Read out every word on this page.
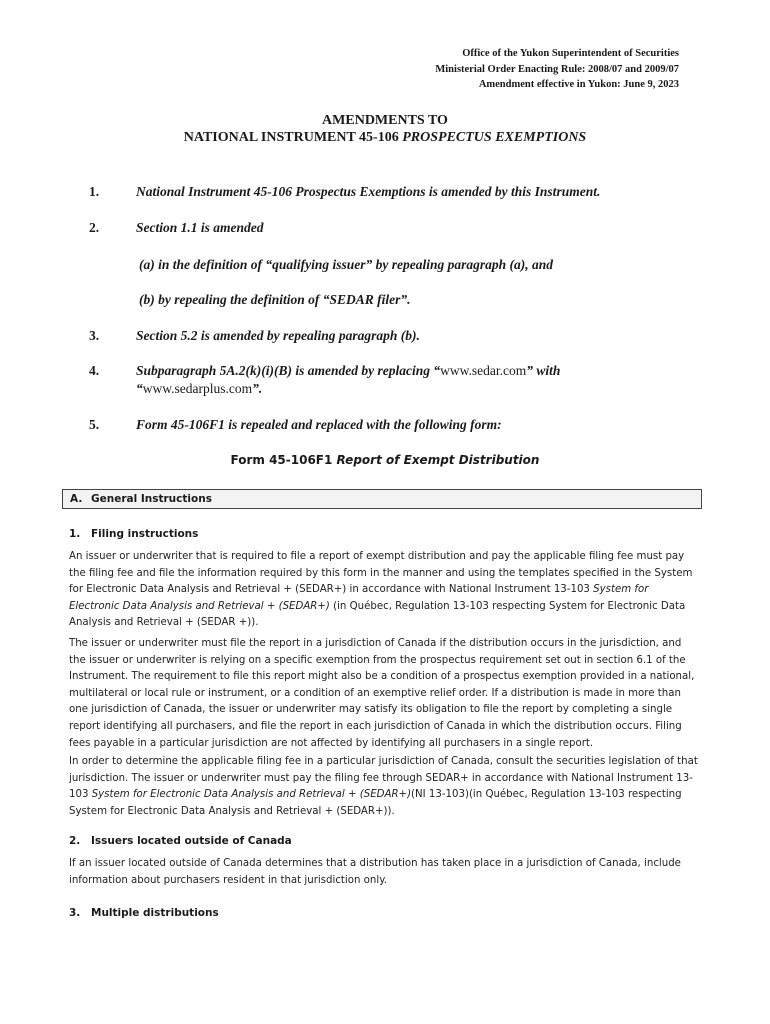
Office of the Yukon Superintendent of Securities
Ministerial Order Enacting Rule: 2008/07 and 2009/07
Amendment effective in Yukon: June 9, 2023
AMENDMENTS TO
NATIONAL INSTRUMENT 45-106 PROSPECTUS EXEMPTIONS
1.	National Instrument 45-106 Prospectus Exemptions is amended by this Instrument.
2.	Section 1.1 is amended
(a) in the definition of “qualifying issuer” by repealing paragraph (a), and
(b) by repealing the definition of “SEDAR filer”.
3.	Section 5.2 is amended by repealing paragraph (b).
4.	Subparagraph 5A.2(k)(i)(B) is amended by replacing “www.sedar.com” with
“www.sedarplus.com”.
5.	Form 45-106F1 is repealed and replaced with the following form:
Form 45-106F1 Report of Exempt Distribution
A. General Instructions
1. Filing instructions
An issuer or underwriter that is required to file a report of exempt distribution and pay the applicable filing fee must pay the filing fee and file the information required by this form in the manner and using the templates specified in the System for Electronic Data Analysis and Retrieval + (SEDAR+) in accordance with National Instrument 13-103 System for Electronic Data Analysis and Retrieval + (SEDAR+) (in Québec, Regulation 13-103 respecting System for Electronic Data Analysis and Retrieval + (SEDAR +)).
The issuer or underwriter must file the report in a jurisdiction of Canada if the distribution occurs in the jurisdiction, and the issuer or underwriter is relying on a specific exemption from the prospectus requirement set out in section 6.1 of the Instrument. The requirement to file this report might also be a condition of a prospectus exemption provided in a national, multilateral or local rule or instrument, or a condition of an exemptive relief order. If a distribution is made in more than one jurisdiction of Canada, the issuer or underwriter may satisfy its obligation to file the report by completing a single report identifying all purchasers, and file the report in each jurisdiction of Canada in which the distribution occurs. Filing fees payable in a particular jurisdiction are not affected by identifying all purchasers in a single report.
In order to determine the applicable filing fee in a particular jurisdiction of Canada, consult the securities legislation of that jurisdiction. The issuer or underwriter must pay the filing fee through SEDAR+ in accordance with National Instrument 13-103 System for Electronic Data Analysis and Retrieval + (SEDAR+)(NI 13-103)(in Québec, Regulation 13-103 respecting System for Electronic Data Analysis and Retrieval + (SEDAR+)).
2. Issuers located outside of Canada
If an issuer located outside of Canada determines that a distribution has taken place in a jurisdiction of Canada, include information about purchasers resident in that jurisdiction only.
3. Multiple distributions
